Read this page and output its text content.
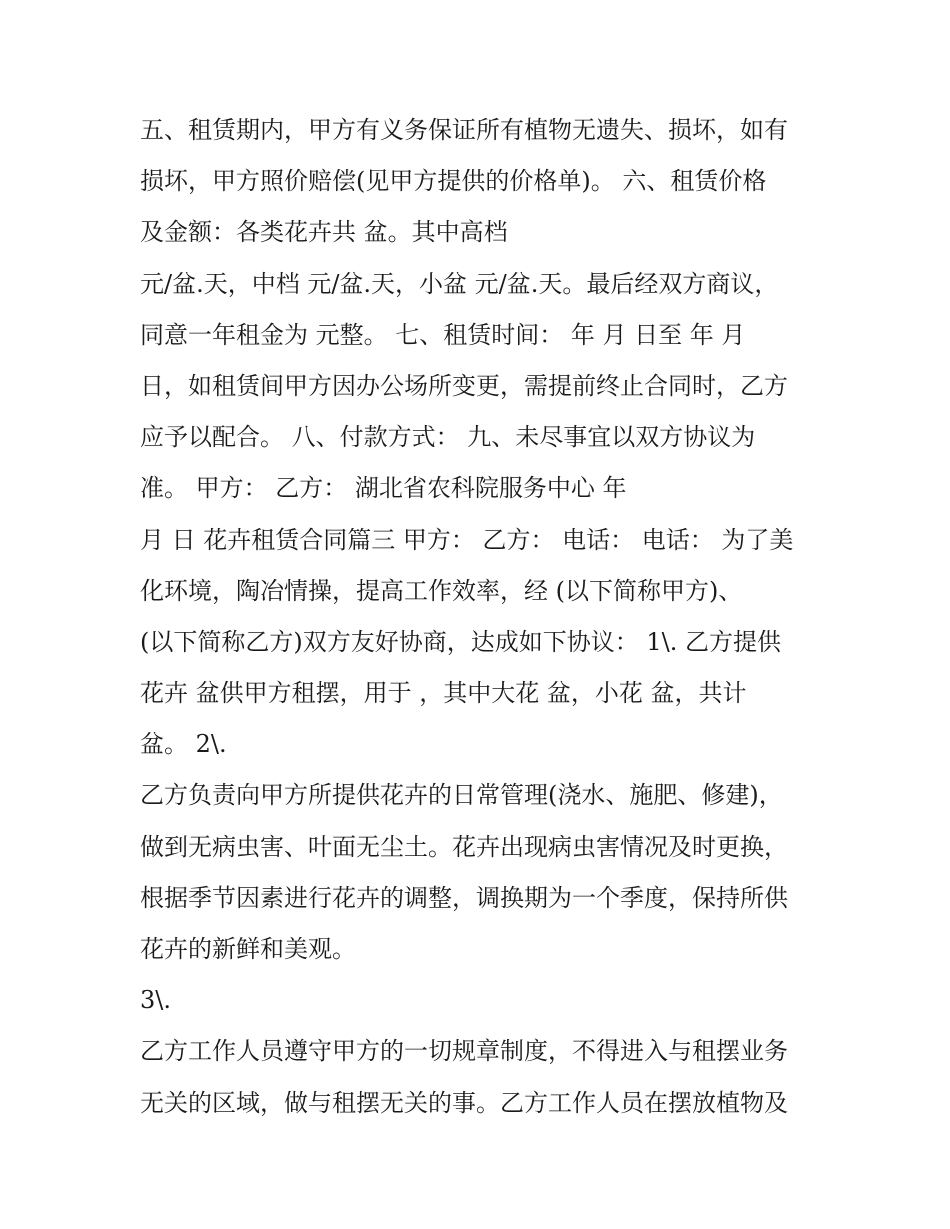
五、租赁期内，甲方有义务保证所有植物无遗失、损坏，如有
损坏，甲方照价赔偿(见甲方提供的价格单)。 六、租赁价格
及金额：各类花卉共 盆。其中高档
元/盆.天，中档 元/盆.天，小盆 元/盆.天。最后经双方商议，
同意一年租金为 元整。 七、租赁时间： 年 月 日至 年 月
日，如租赁间甲方因办公场所变更，需提前终止合同时，乙方
应予以配合。 八、付款方式： 九、未尽事宜以双方协议为
准。 甲方： 乙方： 湖北省农科院服务中心 年
月 日 花卉租赁合同篇三 甲方： 乙方： 电话： 电话： 为了美
化环境，陶冶情操，提高工作效率，经 (以下简称甲方)、
(以下简称乙方)双方友好协商，达成如下协议： 1\. 乙方提供
花卉 盆供甲方租摆，用于 ，其中大花 盆，小花 盆，共计
盆。 2\.
乙方负责向甲方所提供花卉的日常管理(浇水、施肥、修建)，
做到无病虫害、叶面无尘土。花卉出现病虫害情况及时更换，
根据季节因素进行花卉的调整，调换期为一个季度，保持所供
花卉的新鲜和美观。
3\.
乙方工作人员遵守甲方的一切规章制度，不得进入与租摆业务
无关的区域，做与租摆无关的事。乙方工作人员在摆放植物及
